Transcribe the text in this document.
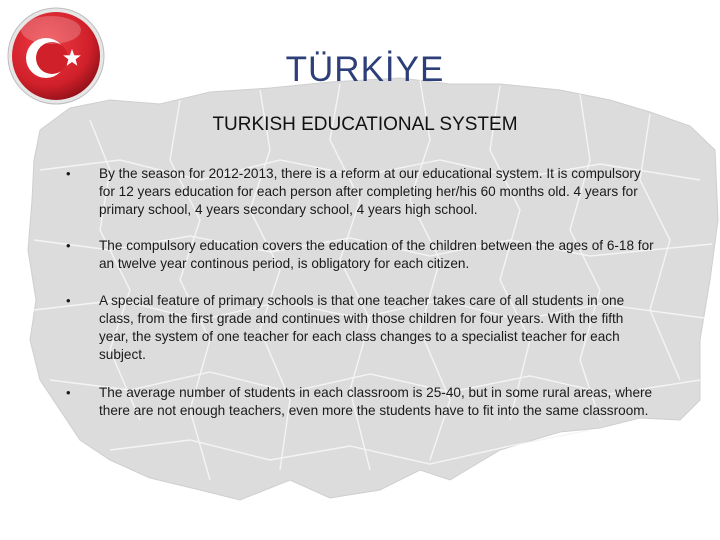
TÜRKİYE
TURKISH EDUCATIONAL SYSTEM
•	By the season for 2012-2013, there is a reform at our educational system. It is compulsory for 12 years education for each person after completing her/his 60 months old. 4 years for primary school, 4 years secondary school, 4 years high school.
•	The compulsory education covers the education of the children between the ages of 6-18 for an twelve year continous period, is obligatory for each citizen.
•	A special feature of primary schools is that one teacher takes care of all students in one class, from the first grade and continues with those children for four years. With the fifth year, the system of one teacher for each class changes to a specialist teacher for each subject.
•	The average number of students in each classroom is 25-40, but in some rural areas, where there are not enough teachers, even more the students have to fit into the same classroom.
